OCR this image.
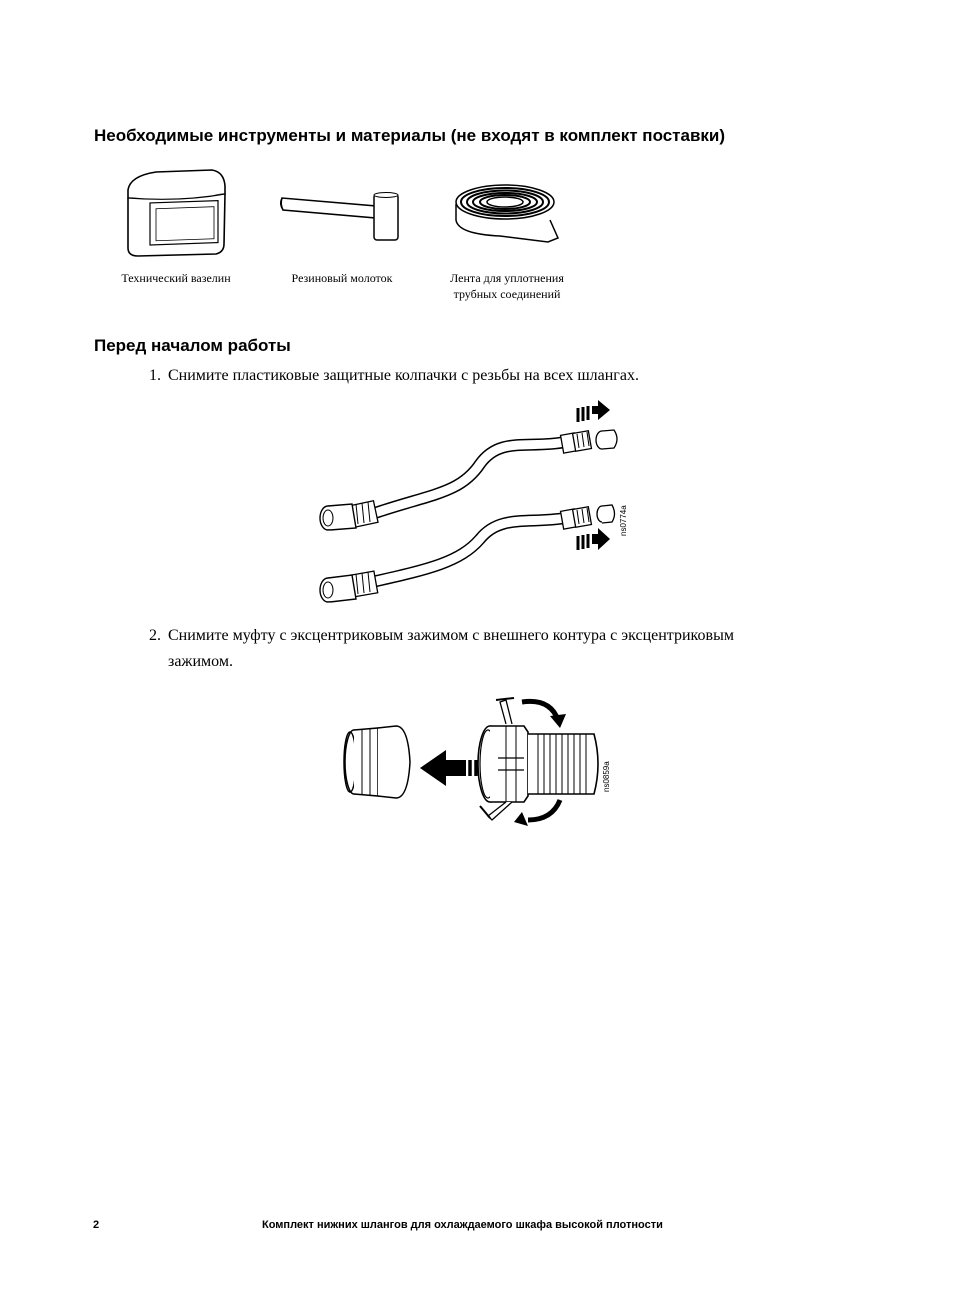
Необходимые инструменты и материалы (не входят в комплект поставки)
Технический вазелин	Резиновый молоток	Лента для уплотнения
трубных соединений
Перед началом работы
1. Снимите пластиковые защитные колпачки с резьбы на всех шлангах.
ns0774a
2. Снимите муфту с эксцентриковым зажимом с внешнего контура с эксцентриковым
зажимом.
ns0859a
2	Комплект нижних шлангов для охлаждаемого шкафа высокой плотности
